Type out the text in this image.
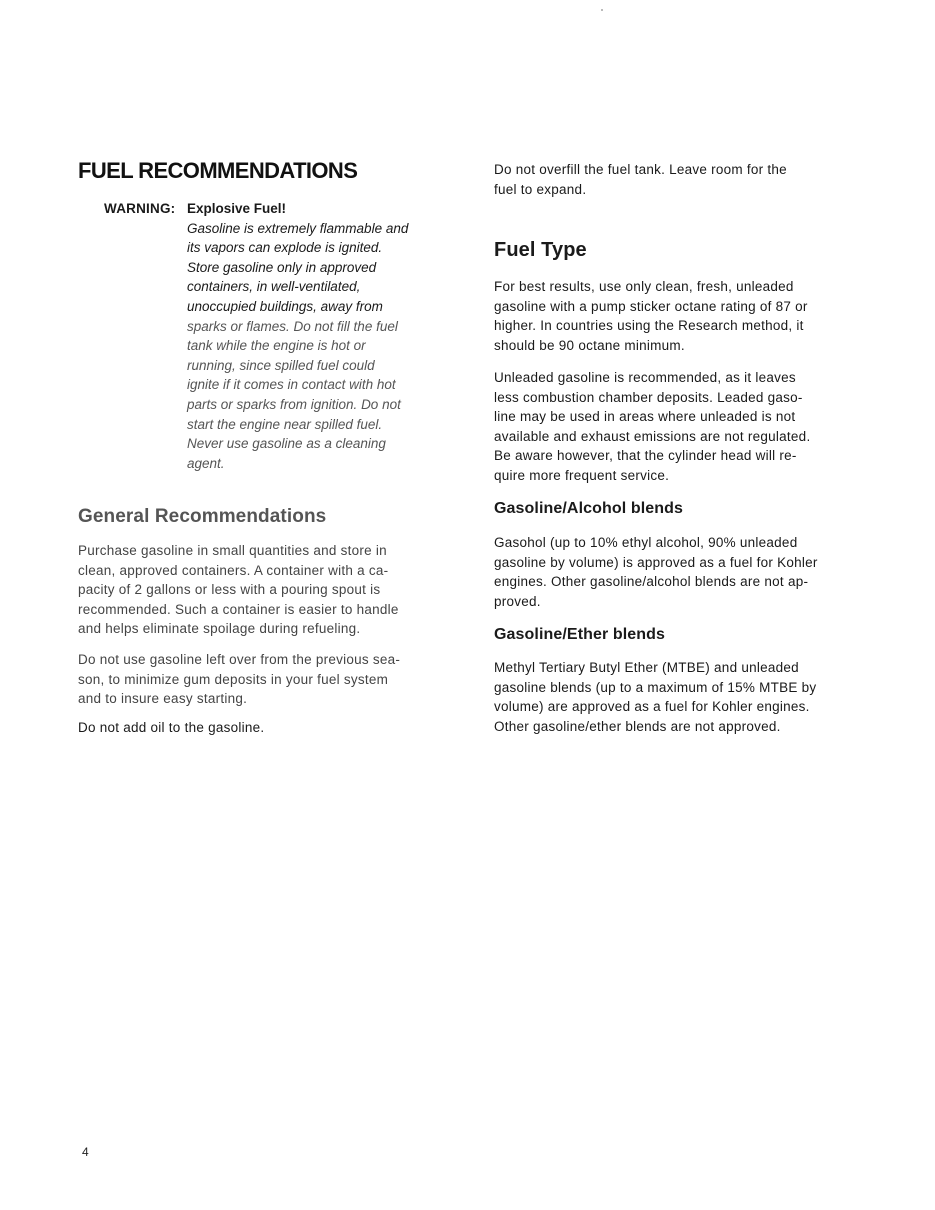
FUEL RECOMMENDATIONS
WARNING: Explosive Fuel!
Gasoline is extremely flammable and
its vapors can explode is ignited.
Store gasoline only in approved
containers, in well-ventilated,
unoccupied buildings, away from
sparks or flames. Do not fill the fuel
tank while the engine is hot or
running, since spilled fuel could
ignite if it comes in contact with hot
parts or sparks from ignition. Do not
start the engine near spilled fuel.
Never use gasoline as a cleaning
agent.
General Recommendations

Purchase gasoline in small quantities and store in
clean, approved containers. A container with a ca-
pacity of 2 gallons or less with a pouring spout is
recommended. Such a container is easier to handle
and helps eliminate spoilage during refueling.

Do not use gasoline left over from the previous sea-
son, to minimize gum deposits in your fuel system
and to insure easy starting.

Do not add oil to the gasoline.

Do not overfill the fuel tank. Leave room for the
fuel to expand.

Fuel Type

For best results, use only clean, fresh, unleaded
gasoline with a pump sticker octane rating of 87 or
higher. In countries using the Research method, it
should be 90 octane minimum.

Unleaded gasoline is recommended, as it leaves
less combustion chamber deposits. Leaded gaso-
line may be used in areas where unleaded is not
available and exhaust emissions are not regulated.
Be aware however, that the cylinder head will re-
quire more frequent service.

Gasoline/Alcohol blends

Gasohol (up to 10% ethyl alcohol, 90% unleaded
gasoline by volume) is approved as a fuel for Kohler
engines. Other gasoline/alcohol blends are not ap-
proved.

Gasoline/Ether blends

Methyl Tertiary Butyl Ether (MTBE) and unleaded
gasoline blends (up to a maximum of 15% MTBE by
volume) are approved as a fuel for Kohler engines.
Other gasoline/ether blends are not approved.

4
